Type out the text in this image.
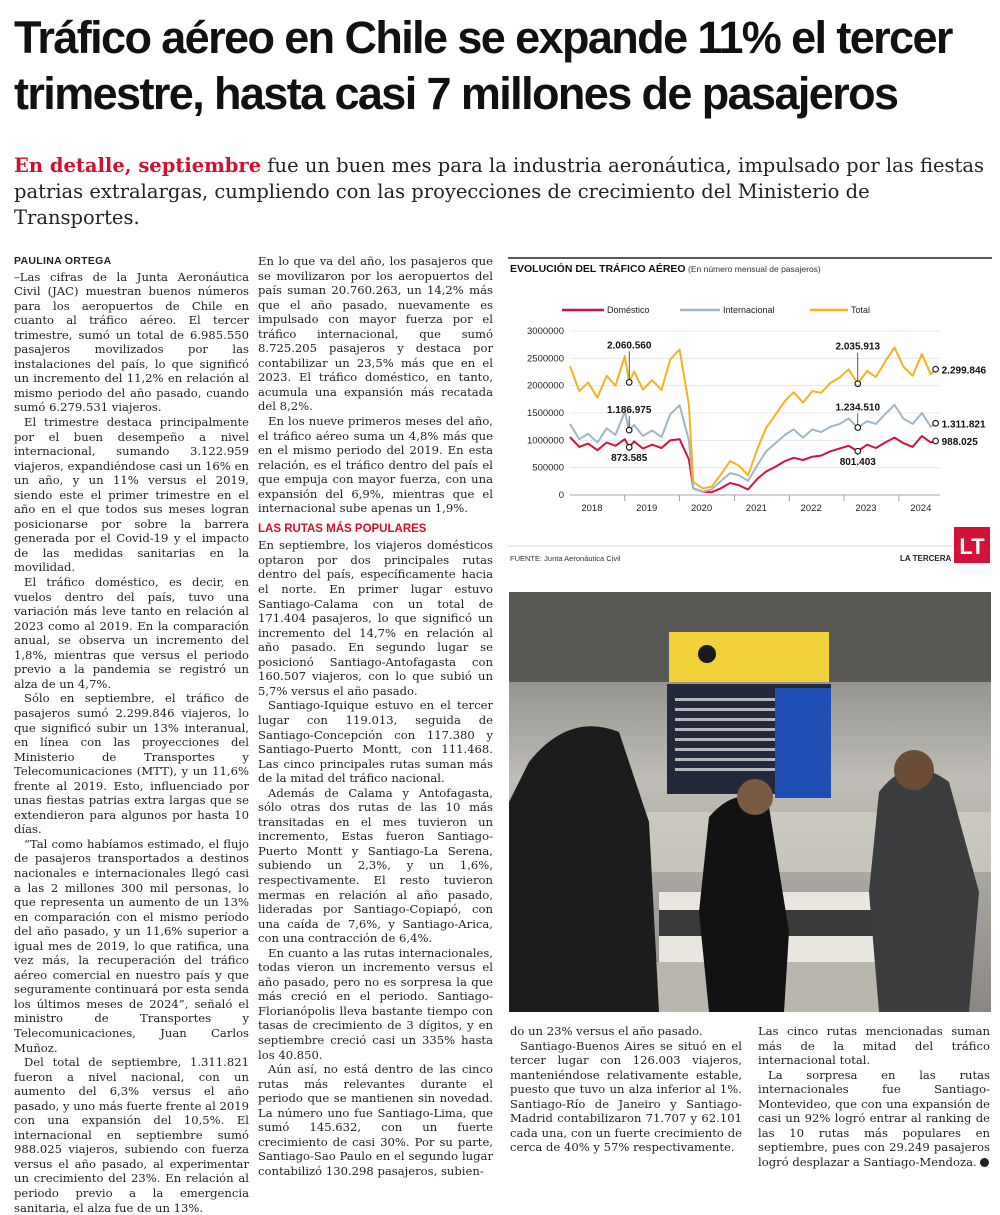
Tráfico aéreo en Chile se expande 11% el tercer trimestre, hasta casi 7 millones de pasajeros

En detalle, septiembre fue un buen mes para la industria aeronáutica, impulsado por las fiestas patrias extralargas, cumpliendo con las proyecciones de crecimiento del Ministerio de Transportes.

PAULINA ORTEGA

–Las cifras de la Junta Aeronáutica Civil (JAC) muestran buenos números para los aeropuertos de Chile en cuanto al tráfico aéreo. El tercer trimestre, sumó un total de 6.985.550 pasajeros movilizados por las instalaciones del país, lo que significó un incremento del 11,2% en relación al mismo periodo del año pasado, cuando sumó 6.279.531 viajeros.

El trimestre destaca principalmente por el buen desempeño a nivel internacional, sumando 3.122.959 viajeros, expandiéndose casi un 16% en un año, y un 11% versus el 2019, siendo este el primer trimestre en el año en el que todos sus meses logran posicionarse por sobre la barrera generada por el Covid-19 y el impacto de las medidas sanitarias en la movilidad.

El tráfico doméstico, es decir, en vuelos dentro del país, tuvo una variación más leve tanto en relación al 2023 como al 2019. En la comparación anual, se observa un incremento del 1,8%, mientras que versus el periodo previo a la pandemia se registró un alza de un 4,7%.

Sólo en septiembre, el tráfico de pasajeros sumó 2.299.846 viajeros, lo que significó subir un 13% interanual, en línea con las proyecciones del Ministerio de Transportes y Telecomunicaciones (MTT), y un 11,6% frente al 2019. Esto, influenciado por unas fiestas patrias extra largas que se extendieron para algunos por hasta 10 días.

“Tal como habíamos estimado, el flujo de pasajeros transportados a destinos nacionales e internacionales llegó casi a las 2 millones 300 mil personas, lo que representa un aumento de un 13% en comparación con el mismo período del año pasado, y un 11,6% superior a igual mes de 2019, lo que ratifica, una vez más, la recuperación del tráfico aéreo comercial en nuestro país y que seguramente continuará por esta senda los últimos meses de 2024”, señaló el ministro de Transportes y Telecomunicaciones, Juan Carlos Muñoz.

Del total de septiembre, 1.311.821 fueron a nivel nacional, con un aumento del 6,3% versus el año pasado, y uno más fuerte frente al 2019 con una expansión del 10,5%. El internacional en septiembre sumó 988.025 viajeros, subiendo con fuerza versus el año pasado, al experimentar un crecimiento del 23%. En relación al periodo previo a la emergencia sanitaria, el alza fue de un 13%.

En lo que va del año, los pasajeros que se movilizaron por los aeropuertos del país suman 20.760.263, un 14,2% más que el año pasado, nuevamente es impulsado con mayor fuerza por el tráfico internacional, que sumó 8.725.205 pasajeros y destaca por contabilizar un 23,5% más que en el 2023. El tráfico doméstico, en tanto, acumula una expansión más recatada del 8,2%.

En los nueve primeros meses del año, el tráfico aéreo suma un 4,8% más que en el mismo periodo del 2019. En esta relación, es el tráfico dentro del país el que empuja con mayor fuerza, con una expansión del 6,9%, mientras que el internacional sube apenas un 1,9%.

LAS RUTAS MÁS POPULARES

En septiembre, los viajeros domésticos optaron por dos principales rutas dentro del país, específicamente hacia el norte. En primer lugar estuvo Santiago-Calama con un total de 171.404 pasajeros, lo que significó un incremento del 14,7% en relación al año pasado. En segundo lugar se posicionó Santiago-Antofagasta con 160.507 viajeros, con lo que subió un 5,7% versus el año pasado.

Santiago-Iquique estuvo en el tercer lugar con 119.013, seguida de Santiago-Concepción con 117.380 y Santiago-Puerto Montt, con 111.468. Las cinco principales rutas suman más de la mitad del tráfico nacional.

Además de Calama y Antofagasta, sólo otras dos rutas de las 10 más transitadas en el mes tuvieron un incremento, Estas fueron Santiago-Puerto Montt y Santiago-La Serena, subiendo un 2,3%, y un 1,6%, respectivamente. El resto tuvieron mermas en relación al año pasado, lideradas por Santiago-Copiapó, con una caída de 7,6%, y Santiago-Arica, con una contracción de 6,4%.

En cuanto a las rutas internacionales, todas vieron un incremento versus el año pasado, pero no es sorpresa la que más creció en el periodo. Santiago-Florianópolis lleva bastante tiempo con tasas de crecimiento de 3 dígitos, y en septiembre creció casi un 335% hasta los 40.850.

Aún así, no está dentro de las cinco rutas más relevantes durante el periodo que se mantienen sin novedad. La número uno fue Santiago-Lima, que sumó 145.632, con un fuerte crecimiento de casi 30%. Por su parte, Santiago-Sao Paulo en el segundo lugar contabilizó 130.298 pasajeros, subien-

do un 23% versus el año pasado.

Santiago-Buenos Aires se situó en el tercer lugar con 126.003 viajeros, manteniéndose relativamente estable, puesto que tuvo un alza inferior al 1%. Santiago-Río de Janeiro y Santiago-Madrid contabilizaron 71.707 y 62.101 cada una, con un fuerte crecimiento de cerca de 40% y 57% respectivamente.

Las cinco rutas mencionadas suman más de la mitad del tráfico internacional total.

La sorpresa en las rutas internacionales fue Santiago-Montevideo, que con una expansión de casi un 92% logró entrar al ranking de las 10 rutas más populares en septiembre, pues con 29.249 pasajeros logró desplazar a Santiago-Mendoza.

EVOLUCIÓN DEL TRÁFICO AÉREO (En número mensual de pasajeros)
Doméstico	Internacional	Total
0
500000
1000000
1500000
2000000
2500000
3000000
2018	2019	2020	2021	2022	2023	2024
2.060.560
1.186.975
873.585
2.035.913
1.234.510
801.403
2.299.846
1.311.821
988.025
FUENTE: Junta Aeronáutica Civil	LA TERCERA LT
